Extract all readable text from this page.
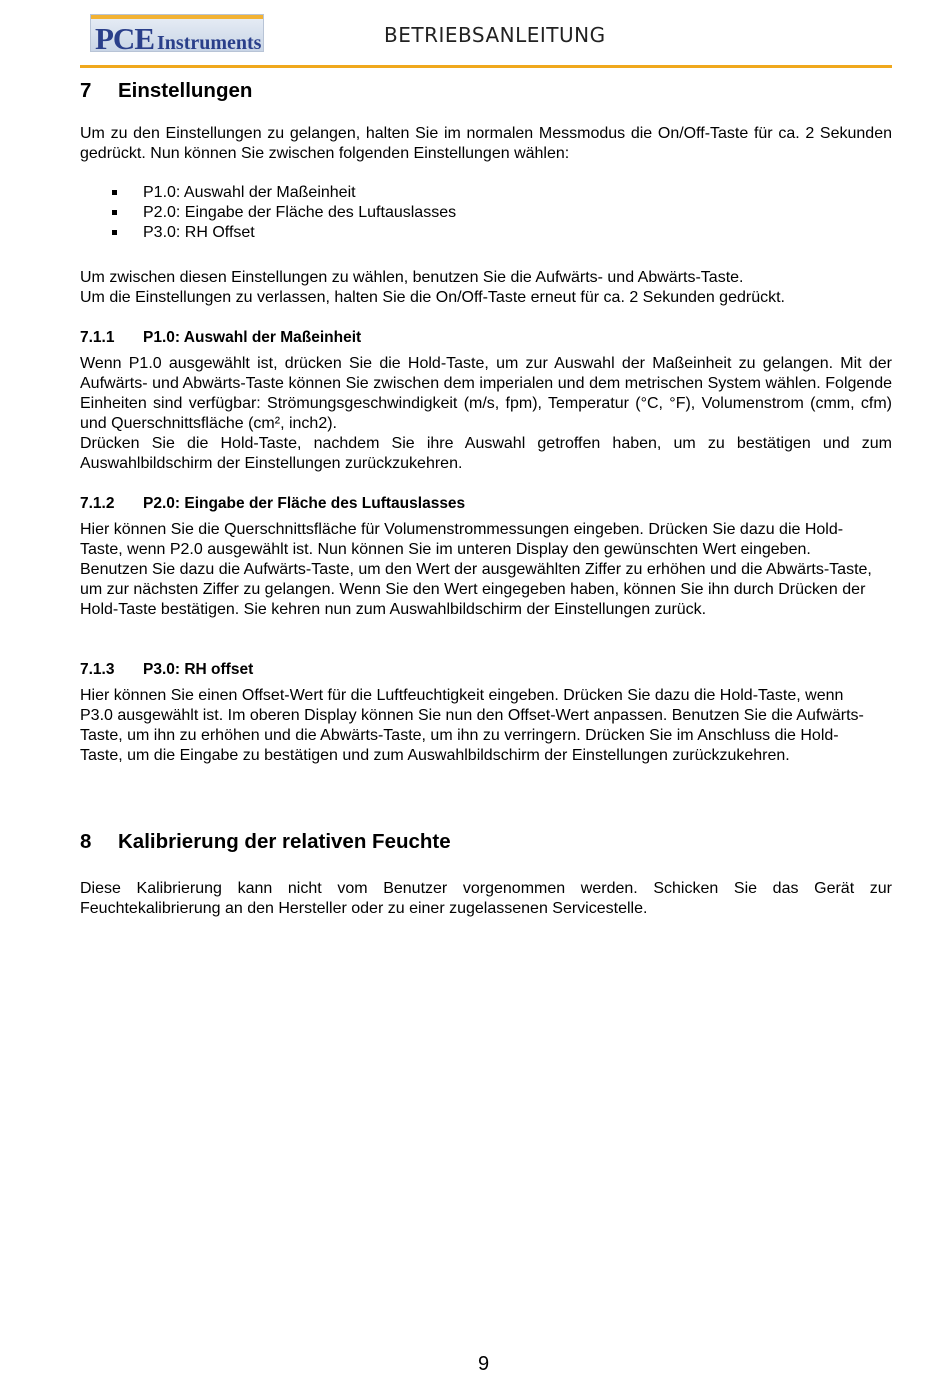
PCE Instruments	BETRIEBSANLEITUNG
7 Einstellungen
Um zu den Einstellungen zu gelangen, halten Sie im normalen Messmodus die On/Off-Taste für ca. 2 Sekunden gedrückt. Nun können Sie zwischen folgenden Einstellungen wählen:
P1.0: Auswahl der Maßeinheit
P2.0: Eingabe der Fläche des Luftauslasses
P3.0: RH Offset
Um zwischen diesen Einstellungen zu wählen, benutzen Sie die Aufwärts- und Abwärts-Taste.
Um die Einstellungen zu verlassen, halten Sie die On/Off-Taste erneut für ca. 2 Sekunden gedrückt.
7.1.1 P1.0: Auswahl der Maßeinheit
Wenn P1.0 ausgewählt ist, drücken Sie die Hold-Taste, um zur Auswahl der Maßeinheit zu gelangen. Mit der Aufwärts- und Abwärts-Taste können Sie zwischen dem imperialen und dem metrischen System wählen. Folgende Einheiten sind verfügbar: Strömungsgeschwindigkeit (m/s, fpm), Temperatur (°C, °F), Volumenstrom (cmm, cfm) und Querschnittsfläche (cm², inch2).
Drücken Sie die Hold-Taste, nachdem Sie ihre Auswahl getroffen haben, um zu bestätigen und zum Auswahlbildschirm der Einstellungen zurückzukehren.
7.1.2 P2.0: Eingabe der Fläche des Luftauslasses
Hier können Sie die Querschnittsfläche für Volumenstrommessungen eingeben. Drücken Sie dazu die Hold-Taste, wenn P2.0 ausgewählt ist. Nun können Sie im unteren Display den gewünschten Wert eingeben. Benutzen Sie dazu die Aufwärts-Taste, um den Wert der ausgewählten Ziffer zu erhöhen und die Abwärts-Taste, um zur nächsten Ziffer zu gelangen. Wenn Sie den Wert eingegeben haben, können Sie ihn durch Drücken der Hold-Taste bestätigen. Sie kehren nun zum Auswahlbildschirm der Einstellungen zurück.
7.1.3 P3.0: RH offset
Hier können Sie einen Offset-Wert für die Luftfeuchtigkeit eingeben. Drücken Sie dazu die Hold-Taste, wenn P3.0 ausgewählt ist. Im oberen Display können Sie nun den Offset-Wert anpassen. Benutzen Sie die Aufwärts-Taste, um ihn zu erhöhen und die Abwärts-Taste, um ihn zu verringern. Drücken Sie im Anschluss die Hold-Taste, um die Eingabe zu bestätigen und zum Auswahlbildschirm der Einstellungen zurückzukehren.
8 Kalibrierung der relativen Feuchte
Diese Kalibrierung kann nicht vom Benutzer vorgenommen werden. Schicken Sie das Gerät zur Feuchtekalibrierung an den Hersteller oder zu einer zugelassenen Servicestelle.
9
